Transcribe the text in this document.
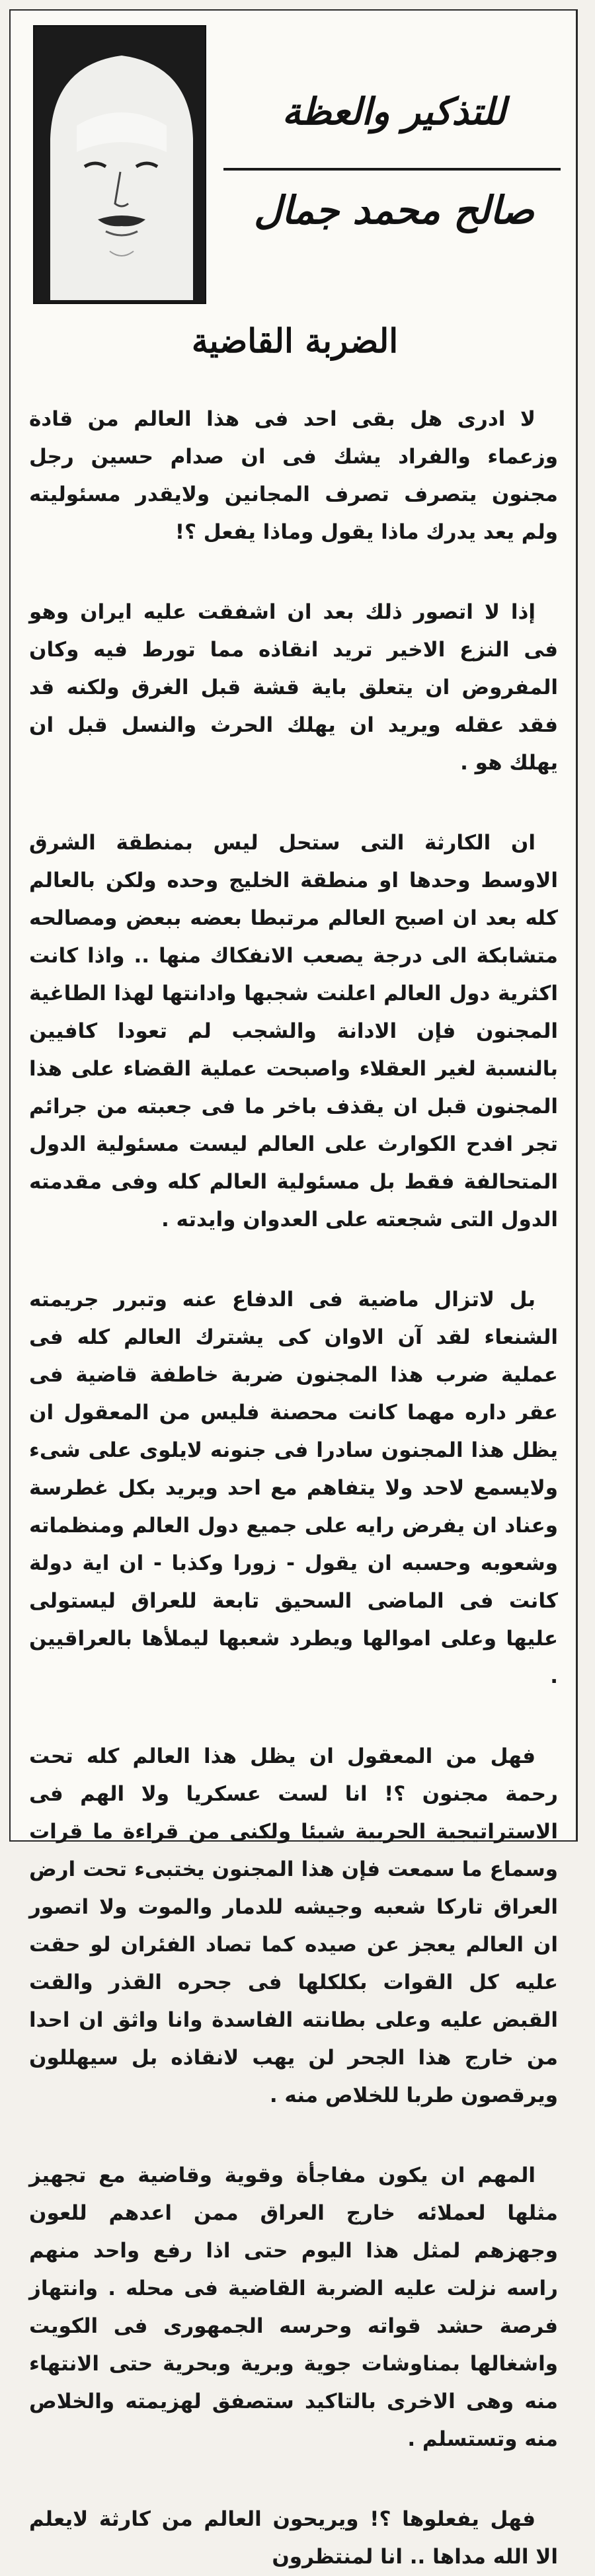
للتذكير والعظة
صالح محمد جمال
الضربة القاضية

لا ادرى هل بقى احد فى هذا العالم من قادة وزعماء والفراد يشك فى ان صدام حسين رجل مجنون يتصرف تصرف المجانين ولايقدر مسئوليته ولم يعد يدرك ماذا يقول وماذا يفعل ؟!

إذا لا اتصور ذلك بعد ان اشفقت عليه ايران وهو فى النزع الاخير تريد انقاذه مما تورط فيه وكان المفروض ان يتعلق باية قشة قبل الغرق ولكنه قد فقد عقله ويريد ان يهلك الحرث والنسل قبل ان يهلك هو .

ان الكارثة التى ستحل ليس بمنطقة الشرق الاوسط وحدها او منطقة الخليج وحده ولكن بالعالم كله بعد ان اصبح العالم مرتبطا بعضه ببعض ومصالحه متشابكة الى درجة يصعب الانفكاك منها .. واذا كانت اكثرية دول العالم اعلنت شجبها وادانتها لهذا الطاغية المجنون فإن الادانة والشجب لم تعودا كافيين بالنسبة لغير العقلاء واصبحت عملية القضاء على هذا المجنون قبل ان يقذف باخر ما فى جعبته من جرائم تجر افدح الكوارث على العالم ليست مسئولية الدول المتحالفة فقط بل مسئولية العالم كله وفى مقدمته الدول التى شجعته على العدوان وايدته .

بل لاتزال ماضية فى الدفاع عنه وتبرر جريمته الشنعاء لقد آن الاوان كى يشترك العالم كله فى عملية ضرب هذا المجنون ضربة خاطفة قاضية فى عقر داره مهما كانت محصنة فليس من المعقول ان يظل هذا المجنون سادرا فى جنونه لايلوى على شىء ولايسمع لاحد ولا يتفاهم مع احد ويريد بكل غطرسة وعناد ان يفرض رايه على جميع دول العالم ومنظماته وشعوبه وحسبه ان يقول - زورا وكذبا - ان اية دولة كانت فى الماضى السحيق تابعة للعراق ليستولى عليها وعلى اموالها ويطرد شعبها ليملأها بالعراقيين .

فهل من المعقول ان يظل هذا العالم كله تحت رحمة مجنون ؟! انا لست عسكريا ولا الهم فى الاستراتيجية الحربية شيئا ولكنى من قراءة ما قرات وسماع ما سمعت فإن هذا المجنون يختبىء تحت ارض العراق تاركا شعبه وجيشه للدمار والموت ولا اتصور ان العالم يعجز عن صيده كما تصاد الفئران لو حقت عليه كل القوات بكلكلها فى جحره القذر والقت القبض عليه وعلى بطانته الفاسدة وانا واثق ان احدا من خارج هذا الجحر لن يهب لانقاذه بل سيهللون ويرقصون طربا للخلاص منه .

المهم ان يكون مفاجأة وقوية وقاضية مع تجهيز مثلها لعملائه خارج العراق ممن اعدهم للعون وجهزهم لمثل هذا اليوم حتى اذا رفع واحد منهم راسه نزلت عليه الضربة القاضية فى محله . وانتهاز فرصة حشد قواته وحرسه الجمهورى فى الكويت واشغالها بمناوشات جوية وبرية وبحرية حتى الانتهاء منه وهى الاخرى بالتاكيد ستصفق لهزيمته والخلاص منه وتستسلم .

فهل يفعلوها ؟! ويريحون العالم من كارثة لايعلم الا الله مداها .. انا لمنتظرون
